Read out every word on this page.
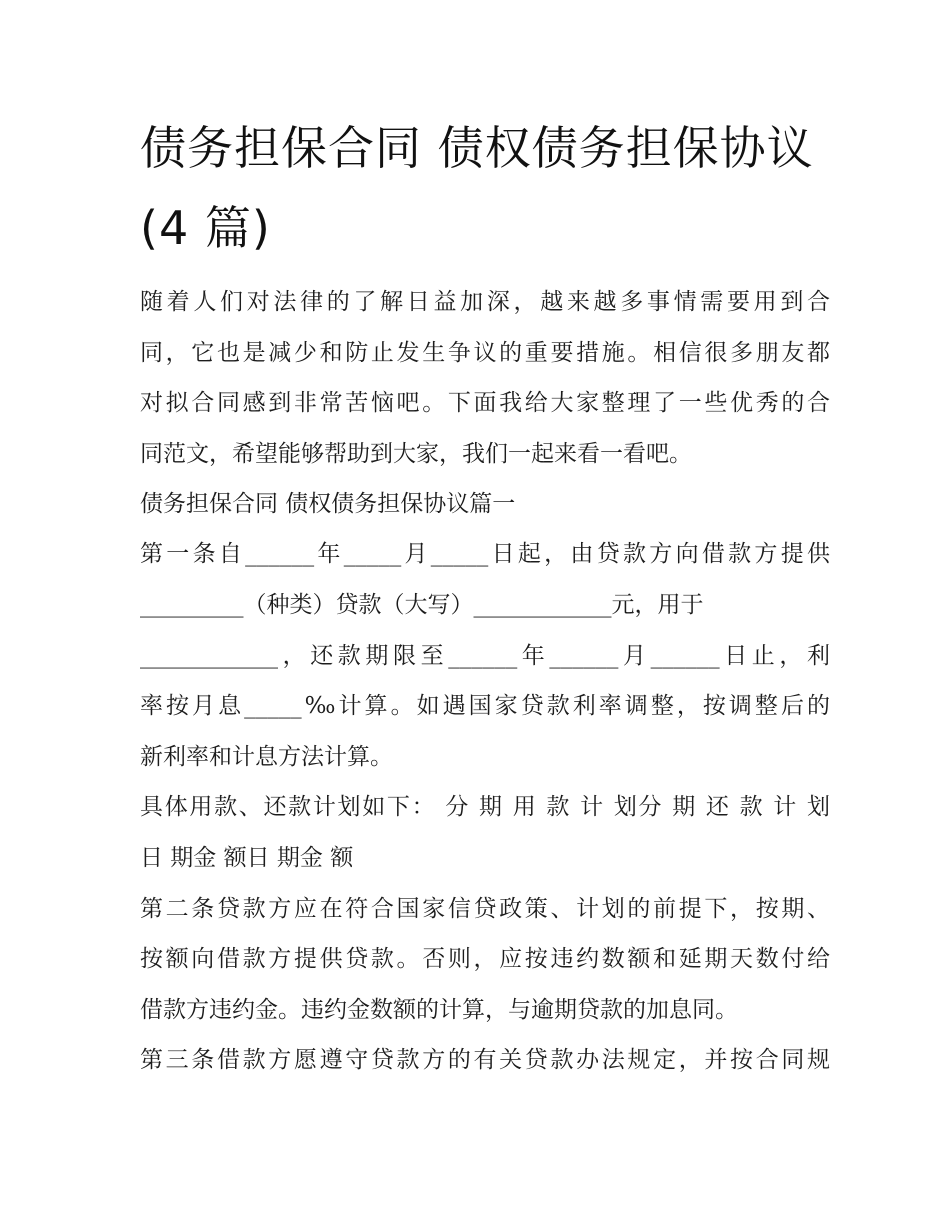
债务担保合同 债权债务担保协议(4 篇)

随着人们对法律的了解日益加深，越来越多事情需要用到合

同，它也是减少和防止发生争议的重要措施。相信很多朋友都

对拟合同感到非常苦恼吧。下面我给大家整理了一些优秀的合

同范文，希望能够帮助到大家，我们一起来看一看吧。

债务担保合同 债权债务担保协议篇一

第一条自______年_____月_____日起，由贷款方向借款方提供

_________（种类）贷款（大写）____________元，用于

____________，还款期限至______年______月______日止，利

率按月息_____‰计算。如遇国家贷款利率调整，按调整后的

新利率和计息方法计算。

具体用款、还款计划如下： 分 期 用 款 计 划分 期 还 款 计 划

日 期金 额日 期金 额

第二条贷款方应在符合国家信贷政策、计划的前提下，按期、

按额向借款方提供贷款。否则，应按违约数额和延期天数付给

借款方违约金。违约金数额的计算，与逾期贷款的加息同。

第三条借款方愿遵守贷款方的有关贷款办法规定，并按合同规
